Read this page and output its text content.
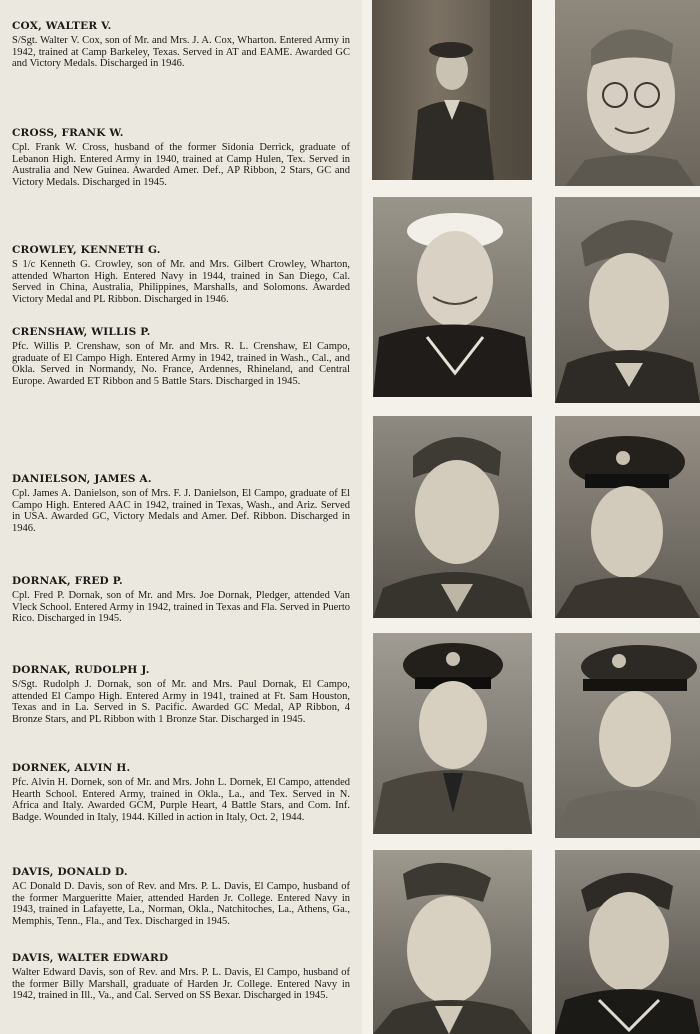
COX, WALTER V.

S/Sgt. Walter V. Cox, son of Mr. and Mrs. J. A. Cox, Wharton. Entered Army in 1942, trained at Camp Barkeley, Texas. Served in AT and EAME. Awarded GC and Victory Medals. Discharged in 1946.

CROSS, FRANK W.

Cpl. Frank W. Cross, husband of the former Sidonia Derrick, graduate of Lebanon High. Entered Army in 1940, trained at Camp Hulen, Tex. Served in Australia and New Guinea. Awarded Amer. Def., AP Ribbon, 2 Stars, GC and Victory Medals. Discharged in 1945.

CROWLEY, KENNETH G.

S 1/c Kenneth G. Crowley, son of Mr. and Mrs. Gilbert Crowley, Wharton, attended Wharton High. Entered Navy in 1944, trained in San Diego, Cal. Served in China, Australia, Philippines, Marshalls, and Solomons. Awarded Victory Medal and PL Ribbon. Discharged in 1946.

CRENSHAW, WILLIS P.

Pfc. Willis P. Crenshaw, son of Mr. and Mrs. R. L. Crenshaw, El Campo, graduate of El Campo High. Entered Army in 1942, trained in Wash., Cal., and Okla. Served in Normandy, No. France, Ardennes, Rhineland, and Central Europe. Awarded ET Ribbon and 5 Battle Stars. Discharged in 1945.

DANIELSON, JAMES A.

Cpl. James A. Danielson, son of Mrs. F. J. Danielson, El Campo, graduate of El Campo High. Entered AAC in 1942, trained in Texas, Wash., and Ariz. Served in USA. Awarded GC, Victory Medals and Amer. Def. Ribbon. Discharged in 1946.

DORNAK, FRED P.

Cpl. Fred P. Dornak, son of Mr. and Mrs. Joe Dornak, Pledger, attended Van Vleck School. Entered Army in 1942, trained in Texas and Fla. Served in Puerto Rico. Discharged in 1945.

DORNAK, RUDOLPH J.

S/Sgt. Rudolph J. Dornak, son of Mr. and Mrs. Paul Dornak, El Campo, attended El Campo High. Entered Army in 1941, trained at Ft. Sam Houston, Texas and in La. Served in S. Pacific. Awarded GC Medal, AP Ribbon, 4 Bronze Stars, and PL Ribbon with 1 Bronze Star. Discharged in 1945.

DORNEK, ALVIN H.

Pfc. Alvin H. Dornek, son of Mr. and Mrs. John L. Dornek, El Campo, attended Hearth School. Entered Army, trained in Okla., La., and Tex. Served in N. Africa and Italy. Awarded GCM, Purple Heart, 4 Battle Stars, and Com. Inf. Badge. Wounded in Italy, 1944. Killed in action in Italy, Oct. 2, 1944.

DAVIS, DONALD D.

AC Donald D. Davis, son of Rev. and Mrs. P. L. Davis, El Campo, husband of the former Margueritte Maier, attended Harden Jr. College. Entered Navy in 1943, trained in Lafayette, La., Norman, Okla., Natchitoches, La., Athens, Ga., Memphis, Tenn., Fla., and Tex. Discharged in 1945.

DAVIS, WALTER EDWARD

Walter Edward Davis, son of Rev. and Mrs. P. L. Davis, El Campo, husband of the former Billy Marshall, graduate of Harden Jr. College. Entered Navy in 1942, trained in Ill., Va., and Cal. Served on SS Bexar. Discharged in 1945.
